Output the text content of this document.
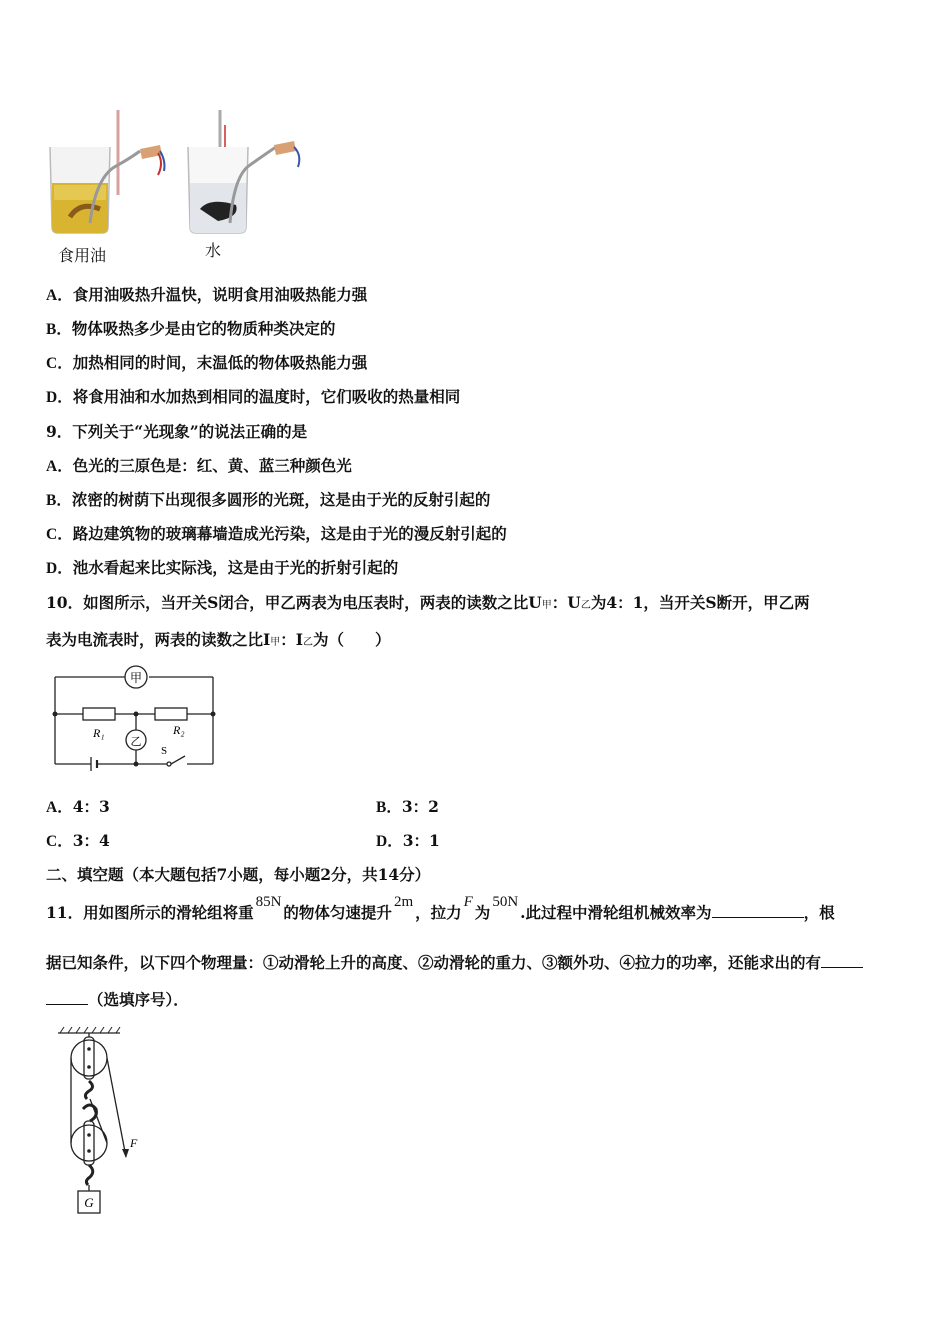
食用油	水
A．食用油吸热升温快，说明食用油吸热能力强
B．物体吸热多少是由它的物质种类决定的
C．加热相同的时间，末温低的物体吸热能力强
D．将食用油和水加热到相同的温度时，它们吸收的热量相同
9．下列关于“光现象”的说法正确的是
A．色光的三原色是：红、黄、蓝三种颜色光
B．浓密的树荫下出现很多圆形的光斑，这是由于光的反射引起的
C．路边建筑物的玻璃幕墙造成光污染，这是由于光的漫反射引起的
D．池水看起来比实际浅，这是由于光的折射引起的
10．如图所示，当开关S闭合，甲乙两表为电压表时，两表的读数之比U甲：U乙为4：1，当开关S断开，甲乙两
表为电流表时，两表的读数之比I甲：I乙为（　　）
甲
乙
R₁	R₂
S
A．4：3	B．3：2
C．3：4	D．3：1
二、填空题（本大题包括7小题，每小题2分，共14分）
11．用如图所示的滑轮组将重85N的物体匀速提升2m，拉力F为50N.此过程中滑轮组机械效率为	，根
据已知条件，以下四个物理量：①动滑轮上升的高度、②动滑轮的重力、③额外功、④拉力的功率，还能求出的有
（选填序号）．
F
G
